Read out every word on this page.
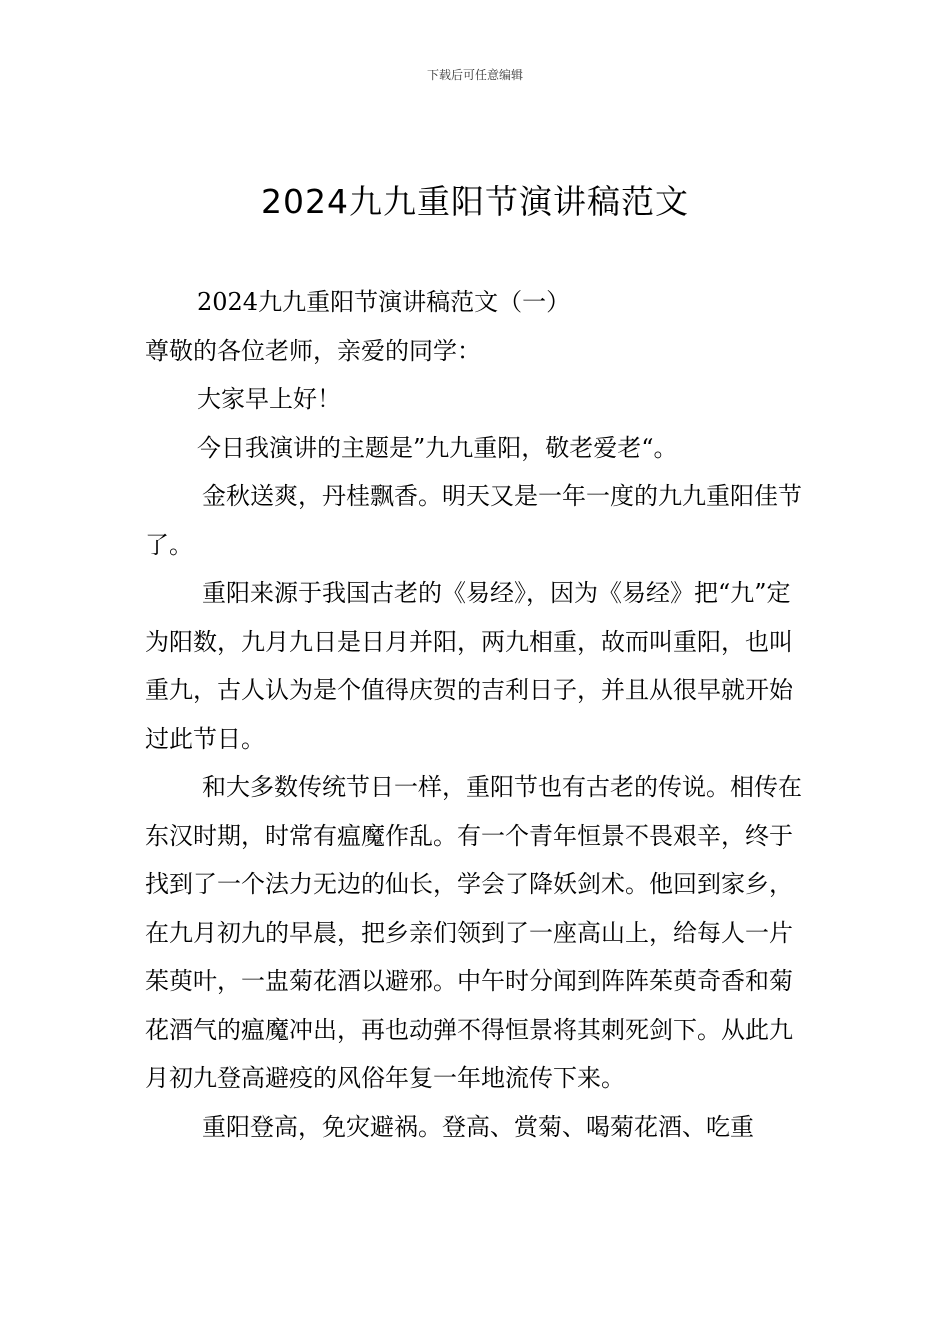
下载后可任意编辑
2024九九重阳节演讲稿范文

2024九九重阳节演讲稿范文（一）

尊敬的各位老师，亲爱的同学：

大家早上好！

今日我演讲的主题是”九九重阳，敬老爱老“。

金秋送爽，丹桂飘香。明天又是一年一度的九九重阳佳节了。

重阳来源于我国古老的《易经》，因为《易经》把“九”定为阳数，九月九日是日月并阳，两九相重，故而叫重阳，也叫重九，古人认为是个值得庆贺的吉利日子，并且从很早就开始过此节日。

和大多数传统节日一样，重阳节也有古老的传说。相传在东汉时期，时常有瘟魔作乱。有一个青年恒景不畏艰辛，终于找到了一个法力无边的仙长，学会了降妖剑术。他回到家乡，在九月初九的早晨，把乡亲们领到了一座高山上，给每人一片茱萸叶，一盅菊花酒以避邪。中午时分闻到阵阵茱萸奇香和菊花酒气的瘟魔冲出，再也动弹不得恒景将其刺死剑下。从此九月初九登高避疫的风俗年复一年地流传下来。

重阳登高，免灾避祸。登高、赏菊、喝菊花酒、吃重
